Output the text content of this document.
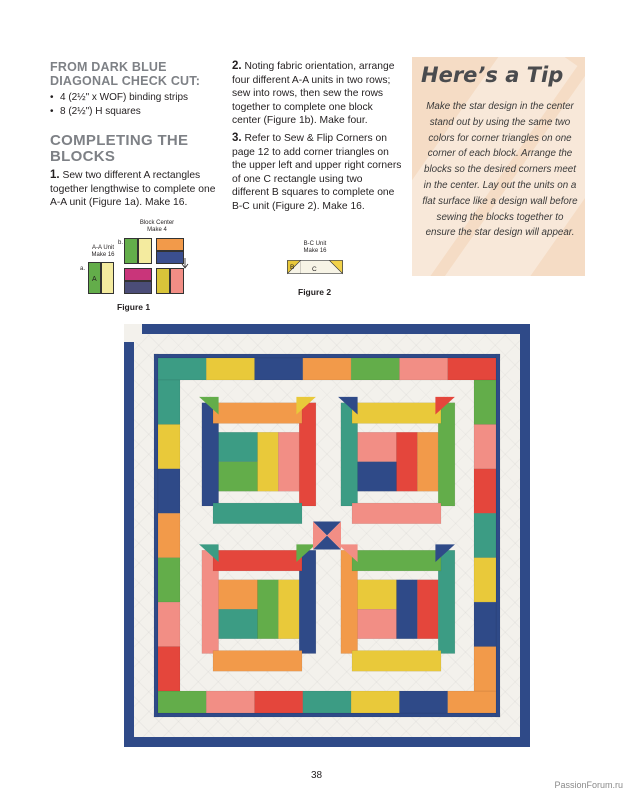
FROM DARK BLUE DIAGONAL CHECK CUT:
• 4 (2½" x WOF) binding strips
• 8 (2½") H squares
COMPLETING THE BLOCKS

1. Sew two different A rectangles together lengthwise to complete one A-A unit (Figure 1a). Make 16.

2. Noting fabric orientation, arrange four different A-A units in two rows; sew into rows, then sew the rows together to complete one block center (Figure 1b). Make four.

3. Refer to Sew & Flip Corners on page 12 to add corner triangles on the upper left and upper right corners of one C rectangle using two different B squares to complete one B-C unit (Figure 2). Make 16.

A-A Unit
Make 16
a.
A
Block Center
Make 4
b.
Figure 1
B-C Unit
Make 16
B	C
Figure 2
Here’s a Tip
Make the star design in the center stand out by using the same two colors for corner triangles on one corner of each block. Arrange the blocks so the desired corners meet in the center. Lay out the units on a flat surface like a design wall before sewing the blocks together to ensure the star design will appear.
38
PassionForum.ru
